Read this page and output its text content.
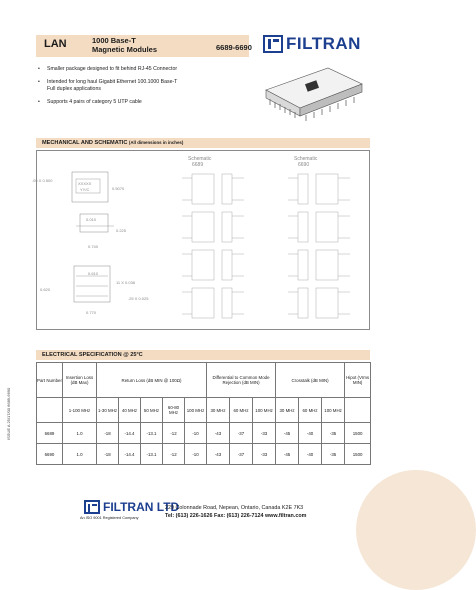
LAN	1000 Base-T
Magnetic Modules	6689-6690 FILTRAN
• Smaller package designed to fit behind RJ-45 Connector
• Intended for long haul Gigabit Ethernet 100.1000 Base-T
Full duplex applications
• Supports 4 pairs of category 5 UTP cable
MECHANICAL AND SCHEMATIC (All dimensions in inches)
.05 X 0.500
XXXXX
YY/C	0.5070
0.010
0.225
0.740
0.610
0.620
11 X 0.036
.25 X 0.025
0.770
Schematic
6689
Schematic
6690
ELECTRICAL SPECIFICATION @ 25°C
Part Number	Insertion Loss (dB Max)	Return Loss (dB MIN @ 100Ω)					Differential to Common Mode Rejection (dB MIN)			Crosstalk (dB MIN)			Hipot (Vrms MIN)
	1-100 MHz	1-30 MHz	40 MHz	50 MHz	60-80 MHz	100 MHz	30 MHz	60 MHz	100 MHz	30 MHz	60 MHz	100 MHz	
6689	1.0	-18	-14.4	-13.1	-12	-10	-43	-37	-33	-45	-40	-35	1500
6690	1.0	-18	-14.4	-13.1	-12	-10	-43	-37	-33	-45	-40	-35	1500
ISSUE A 25/17/00 6689-6690
FILTRAN LTD
An ISO 9001 Registered Company
229 Colonnade Road, Nepean, Ontario, Canada K2E 7K3
Tel: (613) 226-1626 Fax: (613) 226-7124 www.filtran.com
